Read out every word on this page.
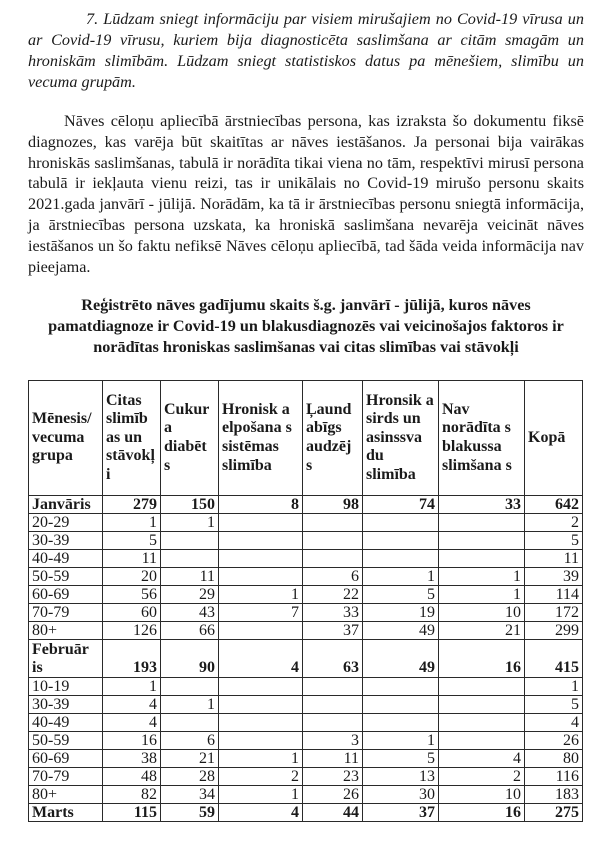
7. Lūdzam sniegt informāciju par visiem mirušajiem no Covid-19 vīrusa un ar Covid-19 vīrusu, kuriem bija diagnosticēta saslimšana ar citām smagām un hroniskām slimībām. Lūdzam sniegt statistiskos datus pa mēnešiem, slimību un vecuma grupām.

Nāves cēloņu apliecībā ārstniecības persona, kas izraksta šo dokumentu fiksē diagnozes, kas varēja būt skaitītas ar nāves iestāšanos. Ja personai bija vairākas hroniskās saslimšanas, tabulā ir norādīta tikai viena no tām, respektīvi mirusī persona tabulā ir iekļauta vienu reizi, tas ir unikālais no Covid-19 mirušo personu skaits 2021.gada janvārī - jūlijā. Norādām, ka tā ir ārstniecības personu sniegtā informācija, ja ārstniecības persona uzskata, ka hroniskā saslimšana nevarēja veicināt nāves iestāšanos un šo faktu nefiksē Nāves cēloņu apliecībā, tad šāda veida informācija nav pieejama.

Reģistrēto nāves gadījumu skaits š.g. janvārī - jūlijā, kuros nāves pamatdiagnoze ir Covid-19 un blakusdiagnozēs vai veicinošajos faktoros ir norādītas hroniskas saslimšanas vai citas slimības vai stāvokļi

Mēnesis/ vecuma grupa	Citas slimīb as un stāvokļ i	Cukur a diabēt s	Hronisk a elpošana s sistēmas slimība	Ļaund abīgs audzēj s	Hronsik a sirds un asinssva du slimība	Nav norādīta s blakussa slimšana s	Kopā
Janvāris	279	150	8	98	74	33	642
20-29	1	1					2
30-39	5						5
40-49	11						11
50-59	20	11		6	1	1	39
60-69	56	29	1	22	5	1	114
70-79	60	43	7	33	19	10	172
80+	126	66		37	49	21	299
Februār
is	193	90	4	63	49	16	415
10-19	1						1
30-39	4	1					5
40-49	4						4
50-59	16	6		3	1		26
60-69	38	21	1	11	5	4	80
70-79	48	28	2	23	13	2	116
80+	82	34	1	26	30	10	183
Marts	115	59	4	44	37	16	275
